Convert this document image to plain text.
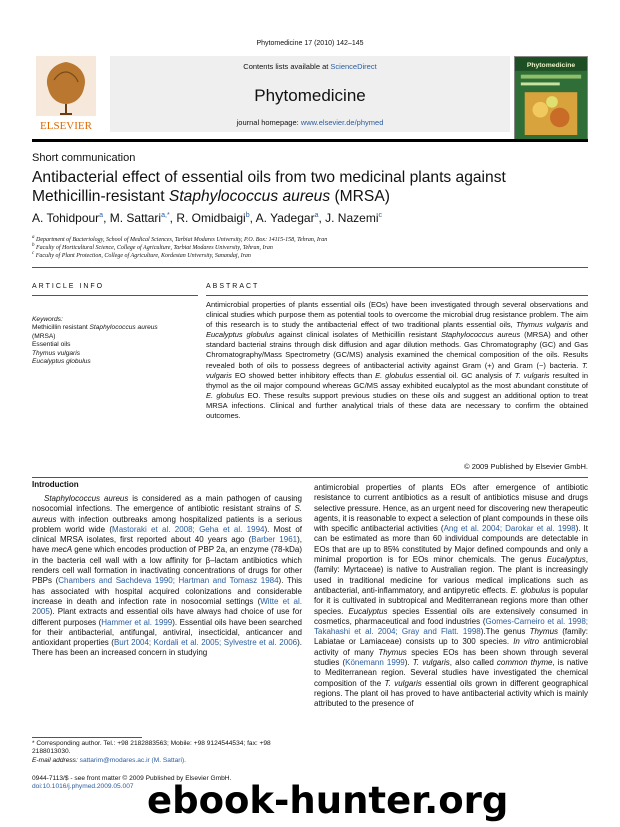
Phytomedicine 17 (2010) 142–145
Contents lists available at ScienceDirect
Phytomedicine
journal homepage: www.elsevier.de/phymed
ELSEVIER
Phytomedicine
Short communication
Antibacterial effect of essential oils from two medicinal plants against
Methicillin-resistant Staphylococcus aureus (MRSA)
A. Tohidpour$^a$, M. Sattari$^{a,*}$, R. Omidbaigi$^b$, A. Yadegar$^a$, J. Nazemi$^c$
$^a$ Department of Bacteriology, School of Medical Sciences, Tarbiat Modares University, P.O. Box: 14115-158, Tehran, Iran
$^b$ Faculty of Horticultural Science, College of Agriculture, Tarbiat Modares University, Tehran, Iran
$^c$ Faculty of Plant Protection, College of Agriculture, Kordestan University, Sanandaj, Iran
ARTICLE INFO	ABSTRACT
Keywords:
Methicillin resistant Staphylococcus aureus
(MRSA)
Essential oils
Thymus vulgaris
Eucalyptus globulus
Antimicrobial properties of plants essential oils (EOs) have been investigated through several observations and clinical studies which purpose them as potential tools to overcome the microbial drug resistance problem. The aim of this research is to study the antibacterial effect of two traditional plants essential oils, Thymus vulgaris and Eucalyptus globulus against clinical isolates of Methicillin resistant Staphylococcus aureus (MRSA) and other standard bacterial strains through disk diffusion and agar dilution methods. Gas Chromatography (GC) and Gas Chromatography/Mass Spectrometry (GC/MS) analysis examined the chemical composition of the oils. Results revealed both of oils to possess degrees of antibacterial activity against Gram (+) and Gram (−) bacteria. T. vulgaris EO showed better inhibitory effects than E. globulus essential oil. GC analysis of T. vulgaris resulted in thymol as the oil major compound whereas GC/MS assay exhibited eucalyptol as the most abundant constitute of E. globulus EO. These results support previous studies on these oils and suggest an additional option to treat MRSA infections. Clinical and further analytical trials of these data are necessary to confirm the obtained outcomes.
© 2009 Published by Elsevier GmbH.
Introduction

Staphylococcus aureus is considered as a main pathogen of causing nosocomial infections. The emergence of antibiotic resistant strains of S. aureus with infection outbreaks among hospitalized patients is a serious problem world wide (Mastoraki et al. 2008; Geha et al. 1994). Most of clinical MRSA isolates, first reported about 40 years ago (Barber 1961), have mecA gene which encodes production of PBP 2a, an enzyme (78-kDa) in the bacteria cell wall with a low affinity for β–lactam antibiotics which renders cell wall formation in inactivating concentrations of drugs for other PBPs (Chambers and Sachdeva 1990; Hartman and Tomasz 1984). This has associated with hospital acquired colonizations and considerable increase in death and infection rate in nosocomial settings (Witte et al. 2005). Plant extracts and essential oils have always had choice of use for different purposes (Hammer et al. 1999). Essential oils have been searched for their antibacterial, antifungal, antiviral, insecticidal, anticancer and antioxidant properties (Burt 2004; Kordali et al. 2005; Sylvestre et al. 2006). There has been an increased concern in studying

antimicrobial properties of plants EOs after emergence of antibiotic resistance to current antibiotics as a result of antibiotics misuse and drugs selective pressure. Hence, as an urgent need for discovering new therapeutic agents, it is reasonable to expect a selection of plant compounds in these oils with specific antibacterial activities (Ang et al. 2004; Darokar et al. 1998). It can be estimated as more than 60 individual compounds are detectable in EOs that are up to 85% constituted by Major defined compounds and only a minimal proportion is for EOs minor chemicals. The genus Eucalyptus, (family: Myrtaceae) is native to Australian region. The plant is increasingly used in traditional medicine for various medical implications such as antibacterial, anti-inflammatory, and antipyretic effects. E. globulus is popular for it is cultivated in subtropical and Mediterranean regions more than other species. Eucalyptus species Essential oils are extensively consumed in cosmetics, pharmaceutical and food industries (Gomes-Carneiro et al. 1998; Takahashi et al. 2004; Gray and Flatt. 1998).The genus Thymus (family: Labiatae or Lamiaceae) consists up to 300 species. In vitro antimicrobial activity of many Thymus species EOs has been shown through several studies (Könemann 1999). T. vulgaris, also called common thyme, is native to Mediterranean region. Several studies have investigated the chemical composition of the T. vulgaris essential oils grown in different geographical regions. The plant oil has proved to have antibacterial activity which is mainly attributed to the presence of

* Corresponding author. Tel.: +98 2182883563; Mobile: +98 9124544534; fax: +98 2188013030.
E-mail address: sattarim@modares.ac.ir (M. Sattari).
0944-7113/$ - see front matter © 2009 Published by Elsevier GmbH.
doi:10.1016/j.phymed.2009.05.007 ebook-hunter.org
